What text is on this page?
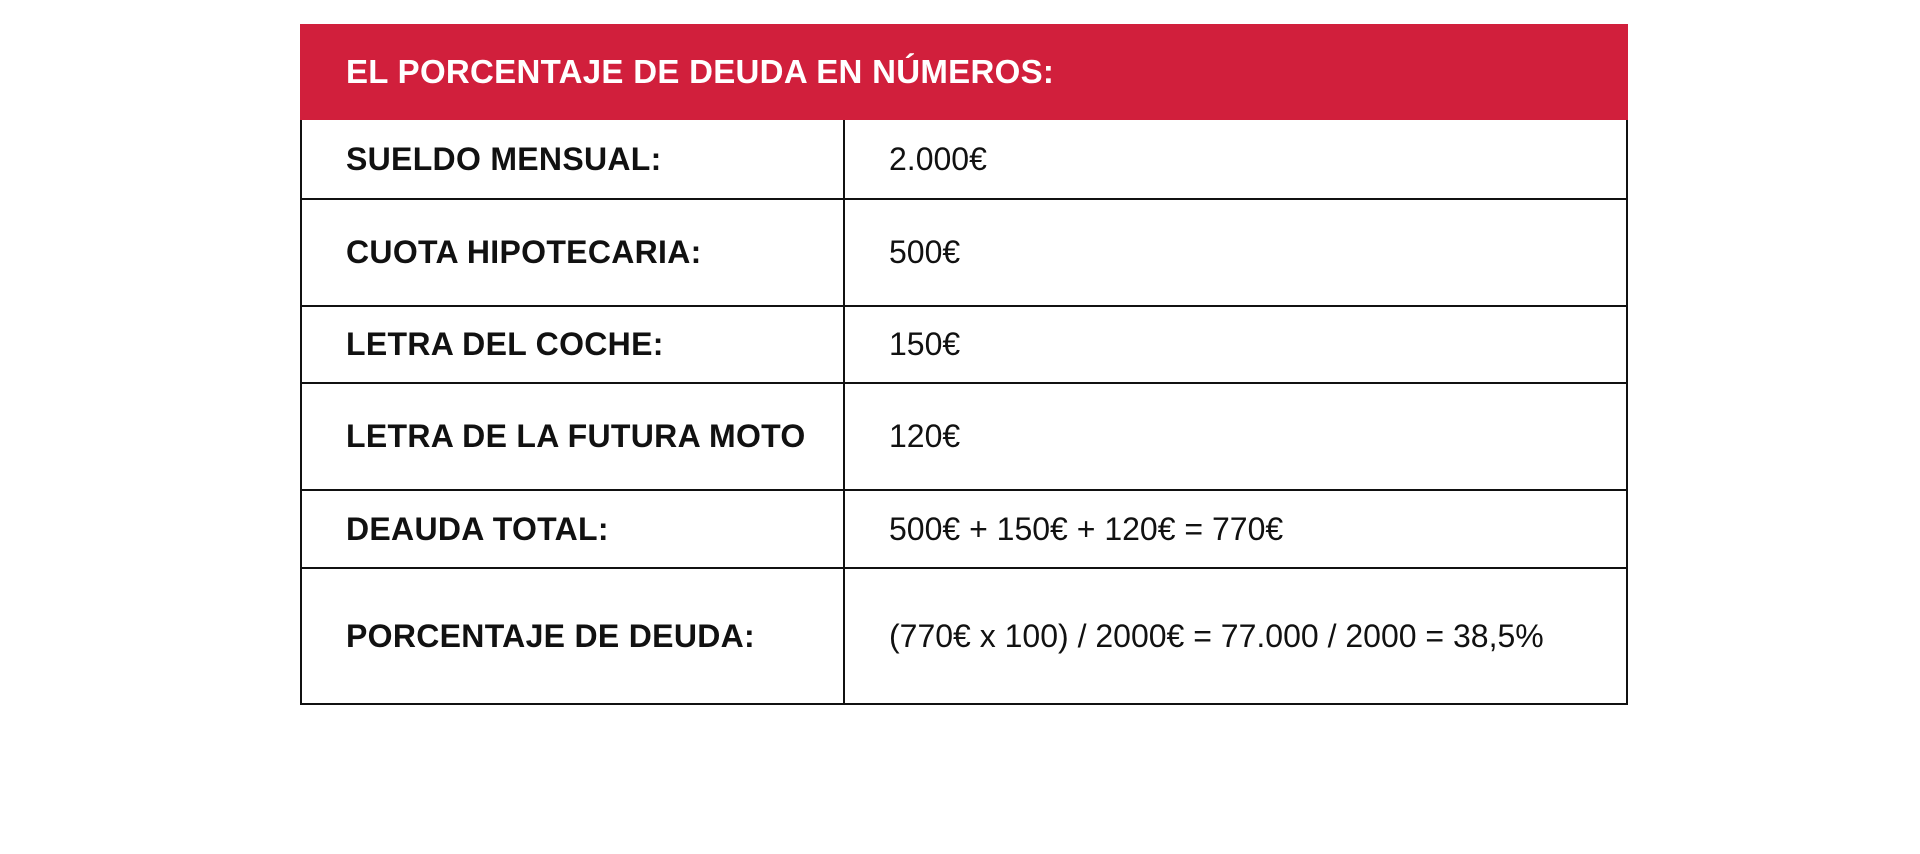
EL PORCENTAJE DE DEUDA EN NÚMEROS:
SUELDO MENSUAL:	2.000€
CUOTA HIPOTECARIA:	500€
LETRA DEL COCHE:	150€
LETRA DE LA FUTURA MOTO	120€
DEAUDA TOTAL:	500€ + 150€ + 120€ = 770€
PORCENTAJE DE DEUDA:	(770€ x 100) / 2000€ = 77.000 / 2000 = 38,5%
